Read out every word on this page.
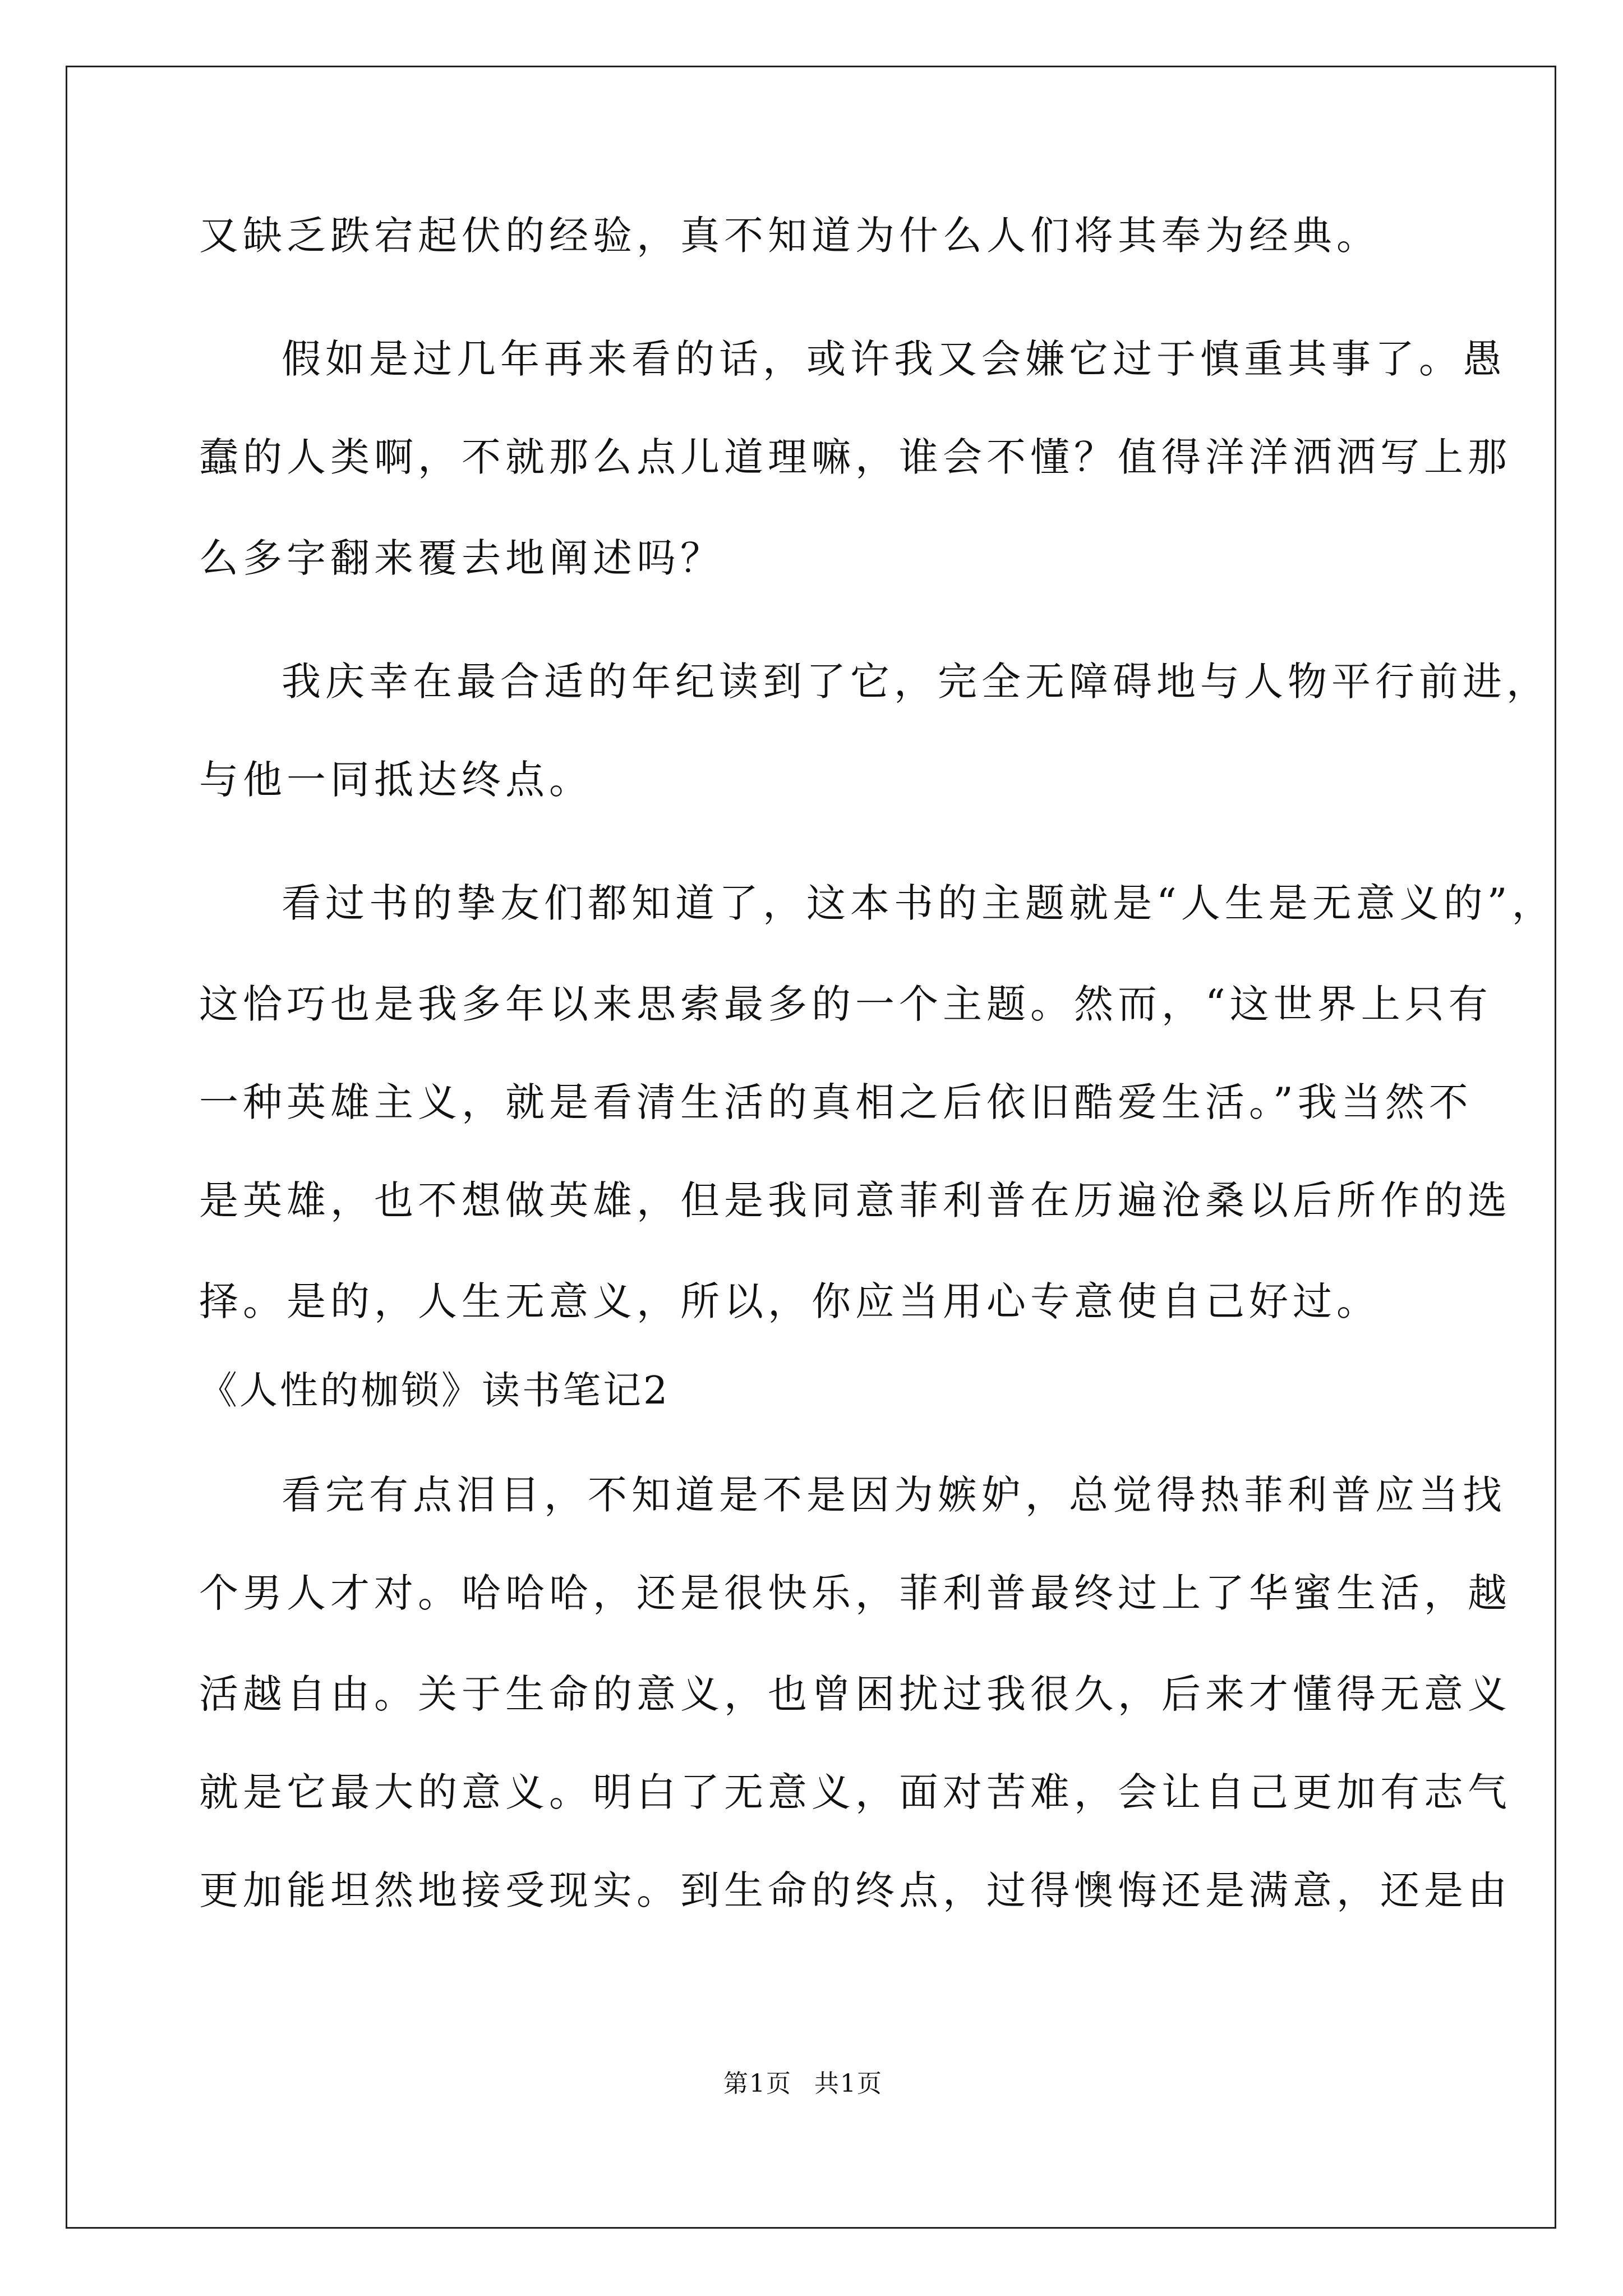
又缺乏跌宕起伏的经验，真不知道为什么人们将其奉为经典。
假如是过几年再来看的话，或许我又会嫌它过于慎重其事了。愚
蠢的人类啊，不就那么点儿道理嘛，谁会不懂？值得洋洋洒洒写上那
么多字翻来覆去地阐述吗？
我庆幸在最合适的年纪读到了它，完全无障碍地与人物平行前进，
与他一同抵达终点。
看过书的挚友们都知道了，这本书的主题就是“人生是无意义的”，
这恰巧也是我多年以来思索最多的一个主题。然而，“这世界上只有
一种英雄主义，就是看清生活的真相之后依旧酷爱生活。”我当然不
是英雄，也不想做英雄，但是我同意菲利普在历遍沧桑以后所作的选
择。是的，人生无意义，所以，你应当用心专意使自己好过。
《人性的枷锁》读书笔记2
看完有点泪目，不知道是不是因为嫉妒，总觉得热菲利普应当找
个男人才对。哈哈哈，还是很快乐，菲利普最终过上了华蜜生活，越
活越自由。关于生命的意义，也曾困扰过我很久，后来才懂得无意义
就是它最大的意义。明白了无意义，面对苦难，会让自己更加有志气
更加能坦然地接受现实。到生命的终点，过得懊悔还是满意，还是由
第1页 共1页
